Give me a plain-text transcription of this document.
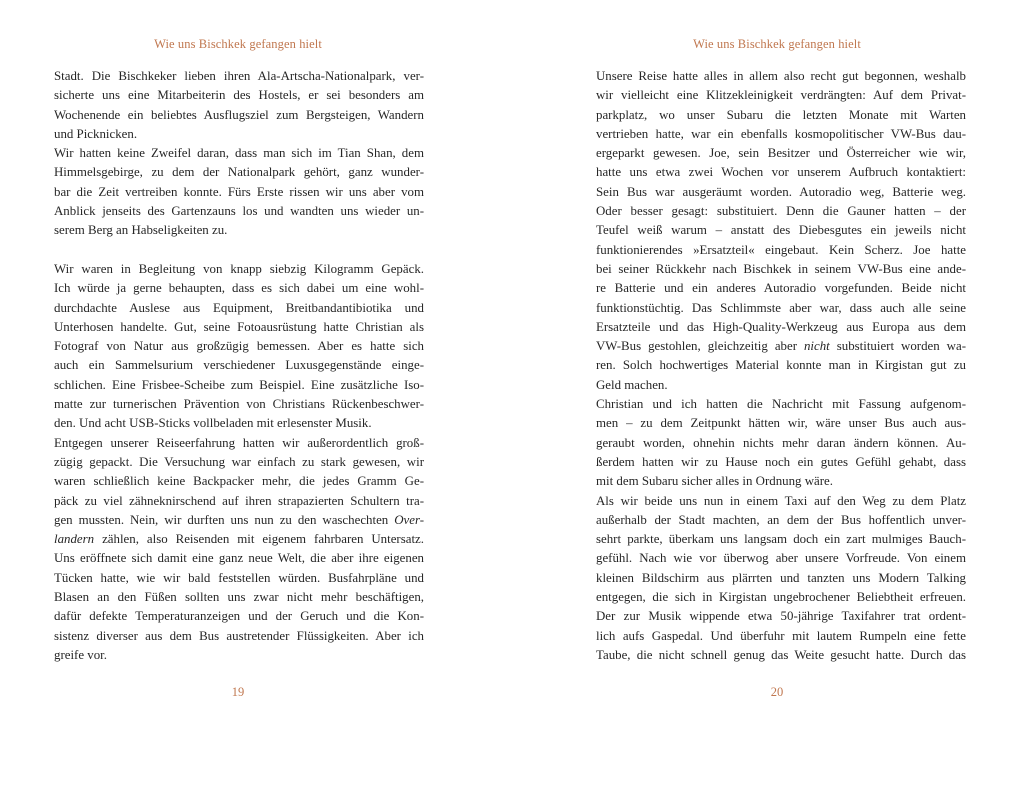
Wie uns Bischkek gefangen hielt
Stadt. Die Bischkeker lieben ihren Ala-Artscha-Nationalpark, ver-
sicherte uns eine Mitarbeiterin des Hostels, er sei besonders am
Wochenende ein beliebtes Ausflugsziel zum Bergsteigen, Wandern
und Picknicken.
Wir hatten keine Zweifel daran, dass man sich im Tian Shan, dem
Himmelsgebirge, zu dem der Nationalpark gehört, ganz wunder-
bar die Zeit vertreiben konnte. Fürs Erste rissen wir uns aber vom
Anblick jenseits des Gartenzauns los und wandten uns wieder un-
serem Berg an Habseligkeiten zu.
Wir waren in Begleitung von knapp siebzig Kilogramm Gepäck.
Ich würde ja gerne behaupten, dass es sich dabei um eine wohl-
durchdachte Auslese aus Equipment, Breitbandantibiotika und
Unterhosen handelte. Gut, seine Fotoausrüstung hatte Christian als
Fotograf von Natur aus großzügig bemessen. Aber es hatte sich
auch ein Sammelsurium verschiedener Luxusgegenstände einge-
schlichen. Eine Frisbee-Scheibe zum Beispiel. Eine zusätzliche Iso-
matte zur turnerischen Prävention von Christians Rückenbeschwer-
den. Und acht USB-Sticks vollbeladen mit erlesenster Musik.
Entgegen unserer Reiseerfahrung hatten wir außerordentlich groß-
zügig gepackt. Die Versuchung war einfach zu stark gewesen, wir
waren schließlich keine Backpacker mehr, die jedes Gramm Ge-
päck zu viel zähneknirschend auf ihren strapazierten Schultern tra-
gen mussten. Nein, wir durften uns nun zu den waschechten Over-
landern zählen, also Reisenden mit eigenem fahrbaren Untersatz.
Uns eröffnete sich damit eine ganz neue Welt, die aber ihre eigenen
Tücken hatte, wie wir bald feststellen würden. Busfahrpläne und
Blasen an den Füßen sollten uns zwar nicht mehr beschäftigen,
dafür defekte Temperaturanzeigen und der Geruch und die Kon-
sistenz diverser aus dem Bus austretender Flüssigkeiten. Aber ich
greife vor.
19
Wie uns Bischkek gefangen hielt
Unsere Reise hatte alles in allem also recht gut begonnen, weshalb
wir vielleicht eine Klitzekleinigkeit verdrängten: Auf dem Privat-
parkplatz, wo unser Subaru die letzten Monate mit Warten
vertrieben hatte, war ein ebenfalls kosmopolitischer VW-Bus dau-
ergeparkt gewesen. Joe, sein Besitzer und Österreicher wie wir,
hatte uns etwa zwei Wochen vor unserem Aufbruch kontaktiert:
Sein Bus war ausgeräumt worden. Autoradio weg, Batterie weg.
Oder besser gesagt: substituiert. Denn die Gauner hatten – der
Teufel weiß warum – anstatt des Diebesgutes ein jeweils nicht
funktionierendes »Ersatzteil« eingebaut. Kein Scherz. Joe hatte
bei seiner Rückkehr nach Bischkek in seinem VW-Bus eine ande-
re Batterie und ein anderes Autoradio vorgefunden. Beide nicht
funktionstüchtig. Das Schlimmste aber war, dass auch alle seine
Ersatzteile und das High-Quality-Werkzeug aus Europa aus dem
VW-Bus gestohlen, gleichzeitig aber nicht substituiert worden wa-
ren. Solch hochwertiges Material konnte man in Kirgistan gut zu
Geld machen.
Christian und ich hatten die Nachricht mit Fassung aufgenom-
men – zu dem Zeitpunkt hätten wir, wäre unser Bus auch aus-
geraubt worden, ohnehin nichts mehr daran ändern können. Au-
ßerdem hatten wir zu Hause noch ein gutes Gefühl gehabt, dass
mit dem Subaru sicher alles in Ordnung wäre.
Als wir beide uns nun in einem Taxi auf den Weg zu dem Platz
außerhalb der Stadt machten, an dem der Bus hoffentlich unver-
sehrt parkte, überkam uns langsam doch ein zart mulmiges Bauch-
gefühl. Nach wie vor überwog aber unsere Vorfreude. Von einem
kleinen Bildschirm aus plärrten und tanzten uns Modern Talking
entgegen, die sich in Kirgistan ungebrochener Beliebtheit erfreuen.
Der zur Musik wippende etwa 50-jährige Taxifahrer trat ordent-
lich aufs Gaspedal. Und überfuhr mit lautem Rumpeln eine fette
Taube, die nicht schnell genug das Weite gesucht hatte. Durch das
20
